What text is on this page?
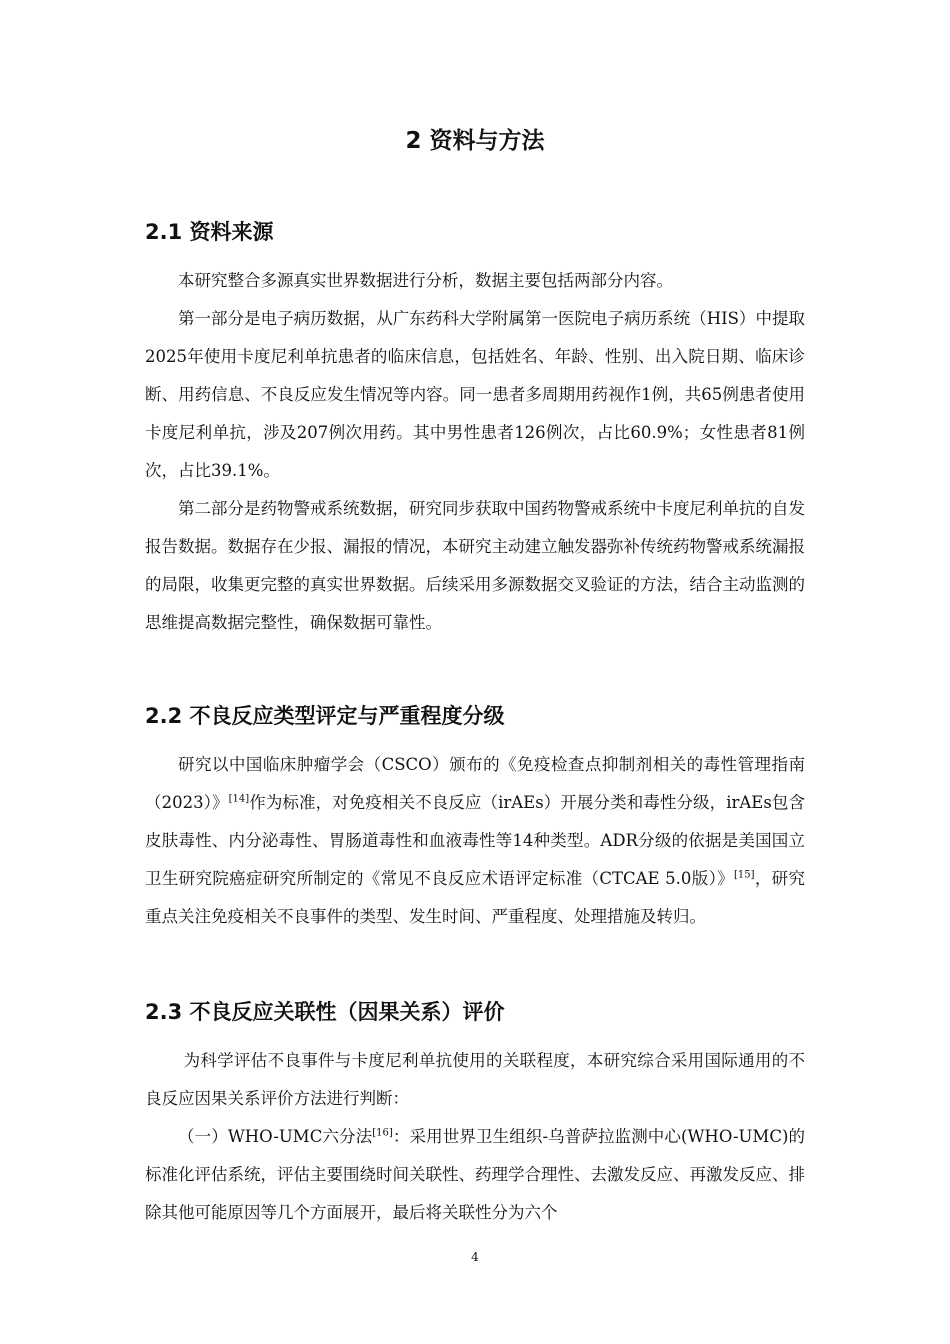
2 资料与方法
2.1 资料来源

本研究整合多源真实世界数据进行分析，数据主要包括两部分内容。

第一部分是电子病历数据，从广东药科大学附属第一医院电子病历系统（HIS）中提取2025年使用卡度尼利单抗患者的临床信息，包括姓名、年龄、性别、出入院日期、临床诊断、用药信息、不良反应发生情况等内容。同一患者多周期用药视作1例，共65例患者使用卡度尼利单抗，涉及207例次用药。其中男性患者126例次，占比60.9%；女性患者81例次，占比39.1%。

第二部分是药物警戒系统数据，研究同步获取中国药物警戒系统中卡度尼利单抗的自发报告数据。数据存在少报、漏报的情况，本研究主动建立触发器弥补传统药物警戒系统漏报的局限，收集更完整的真实世界数据。后续采用多源数据交叉验证的方法，结合主动监测的思维提高数据完整性，确保数据可靠性。

2.2 不良反应类型评定与严重程度分级

研究以中国临床肿瘤学会（CSCO）颁布的《免疫检查点抑制剂相关的毒性管理指南（2023）》[14]作为标准，对免疫相关不良反应（irAEs）开展分类和毒性分级，irAEs包含皮肤毒性、内分泌毒性、胃肠道毒性和血液毒性等14种类型。ADR分级的依据是美国国立卫生研究院癌症研究所制定的《常见不良反应术语评定标准（CTCAE 5.0版）》[15]，研究重点关注免疫相关不良事件的类型、发生时间、严重程度、处理措施及转归。

2.3 不良反应关联性（因果关系）评价

为科学评估不良事件与卡度尼利单抗使用的关联程度，本研究综合采用国际通用的不良反应因果关系评价方法进行判断：

（一）WHO-UMC六分法[16]：采用世界卫生组织-乌普萨拉监测中心(WHO-UMC)的标准化评估系统，评估主要围绕时间关联性、药理学合理性、去激发反应、再激发反应、排除其他可能原因等几个方面展开，最后将关联性分为六个

4
